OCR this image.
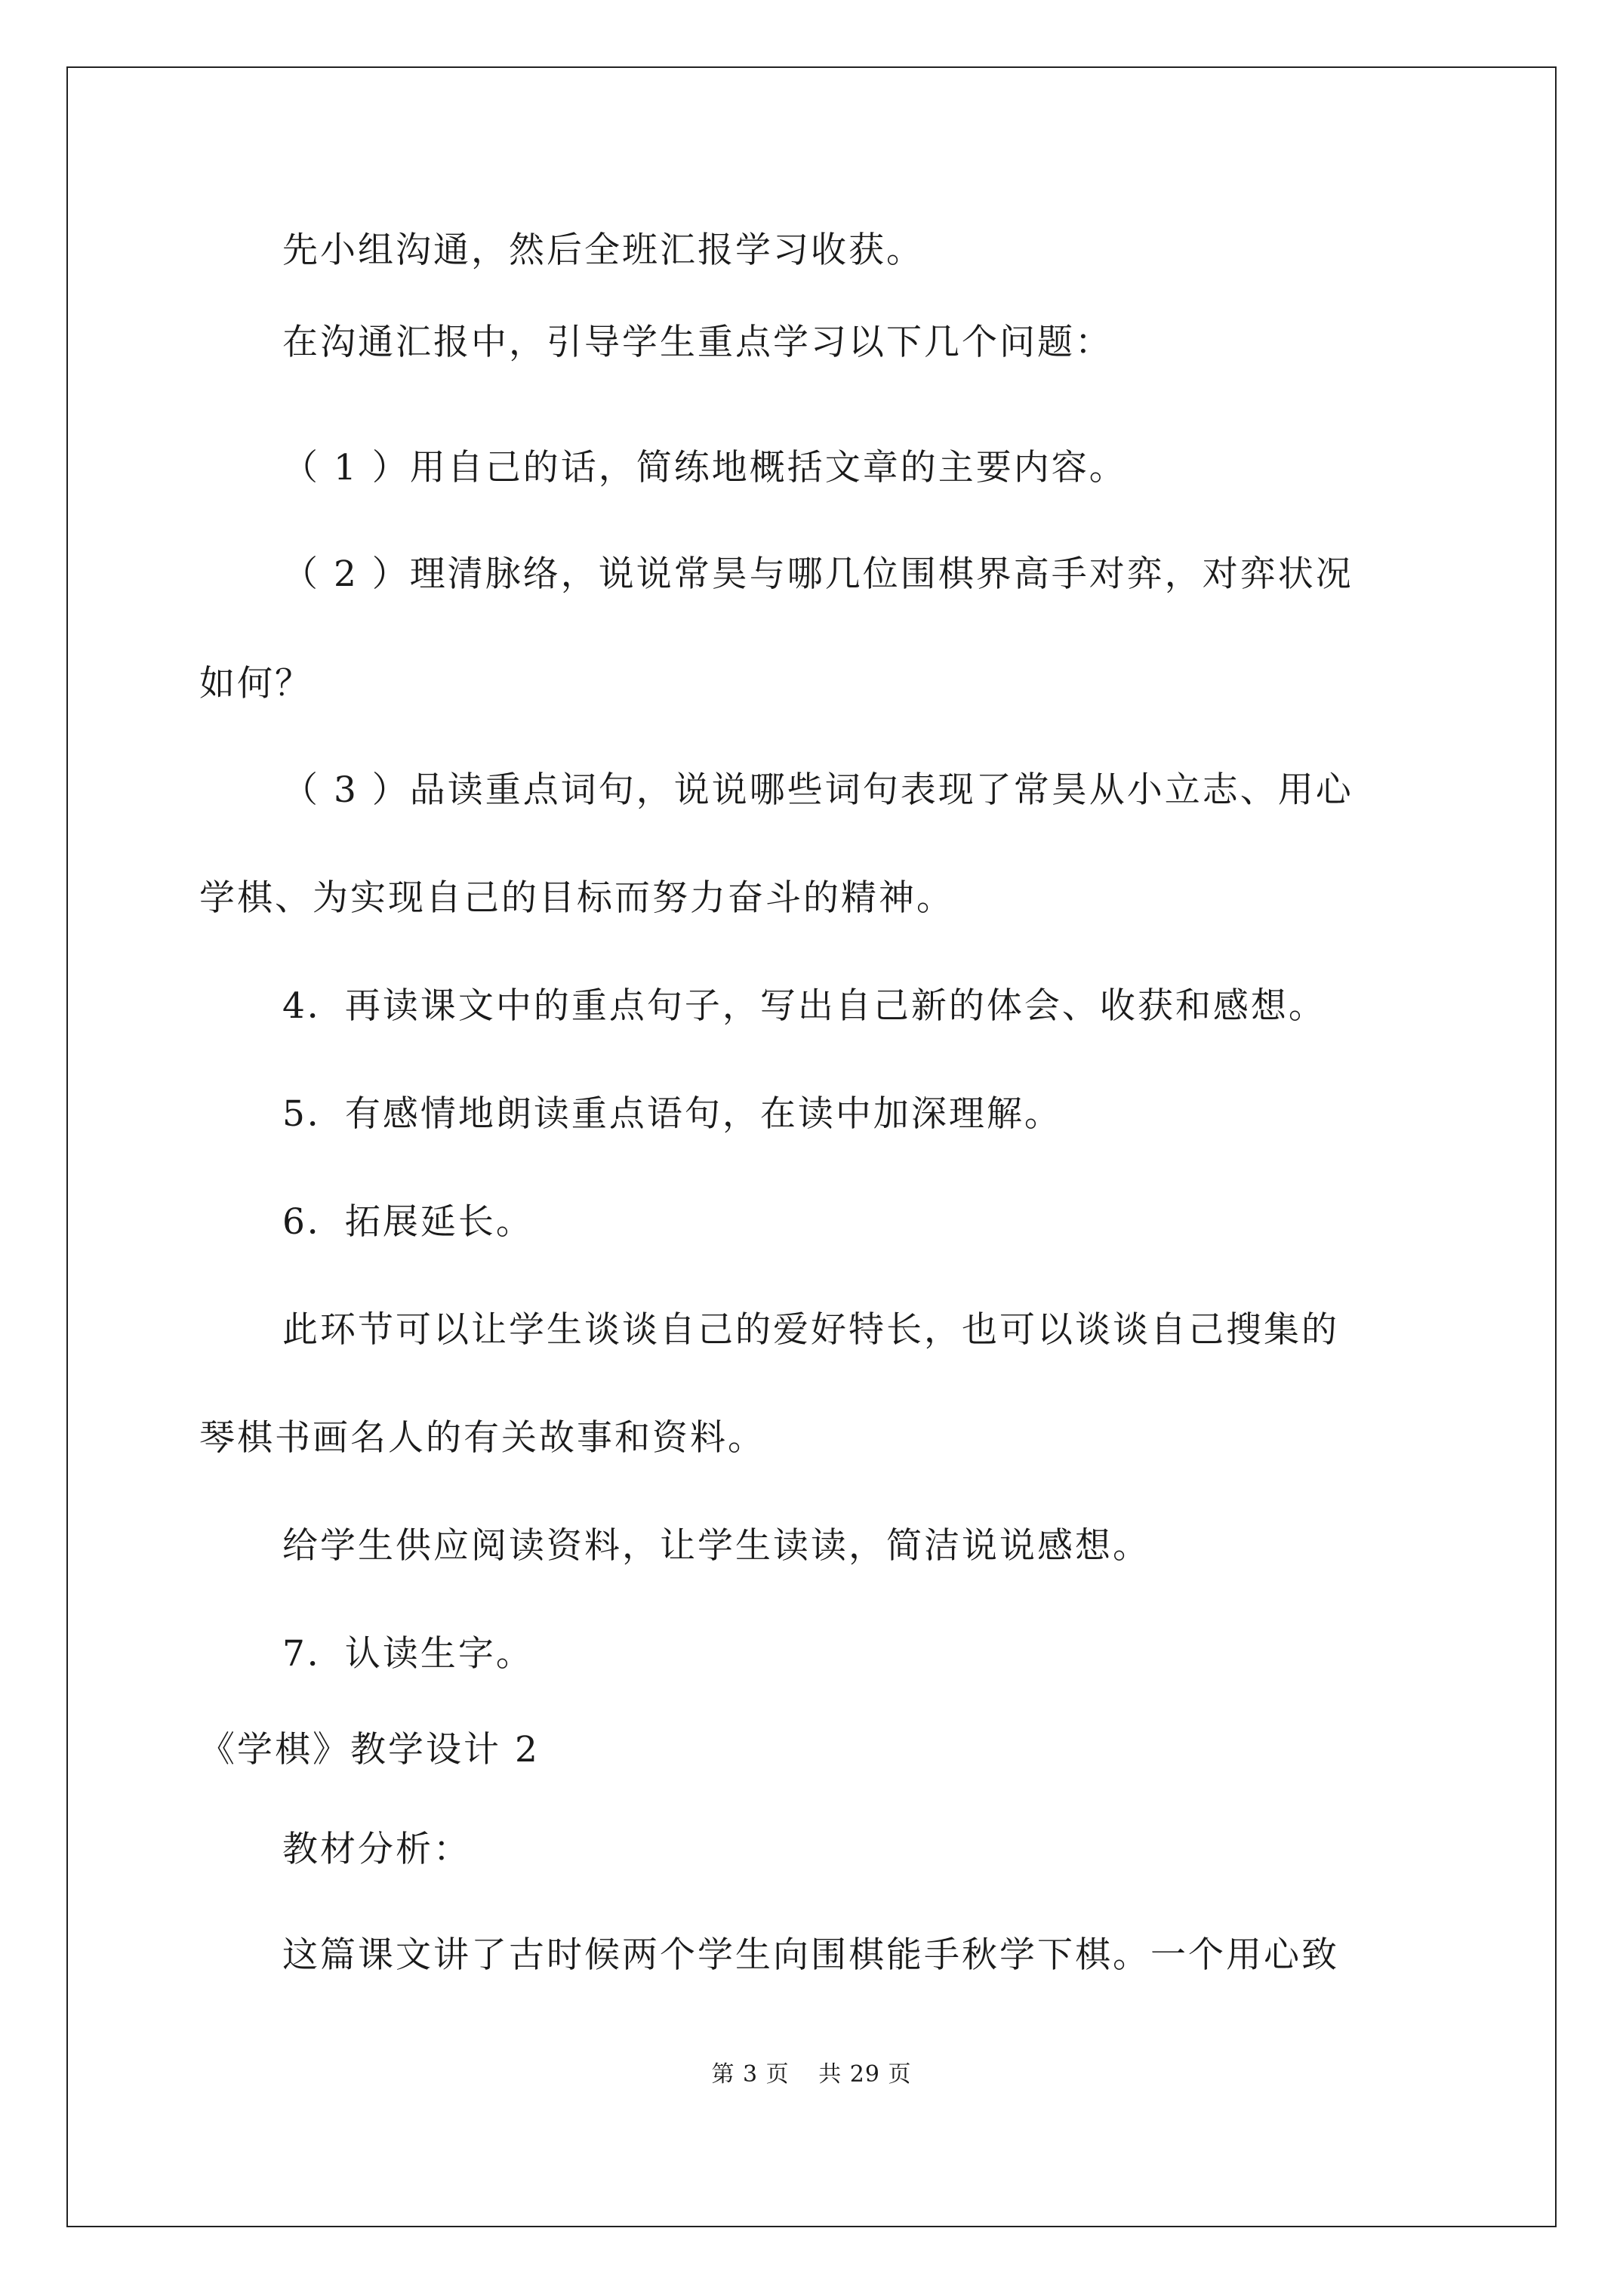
先小组沟通，然后全班汇报学习收获。
在沟通汇报中，引导学生重点学习以下几个问题：
（ 1 ）用自己的话，简练地概括文章的主要内容。
（ 2 ）理清脉络，说说常昊与哪几位围棋界高手对弈，对弈状况
如何？
（ 3 ）品读重点词句，说说哪些词句表现了常昊从小立志、用心
学棋、为实现自己的目标而努力奋斗的精神。
4．再读课文中的重点句子，写出自己新的体会、收获和感想。
5．有感情地朗读重点语句，在读中加深理解。
6．拓展延长。
此环节可以让学生谈谈自己的爱好特长，也可以谈谈自己搜集的
琴棋书画名人的有关故事和资料。
给学生供应阅读资料，让学生读读，简洁说说感想。
7．认读生字。
《学棋》教学设计 2
教材分析：
这篇课文讲了古时候两个学生向围棋能手秋学下棋。一个用心致
第 3 页 共 29 页
